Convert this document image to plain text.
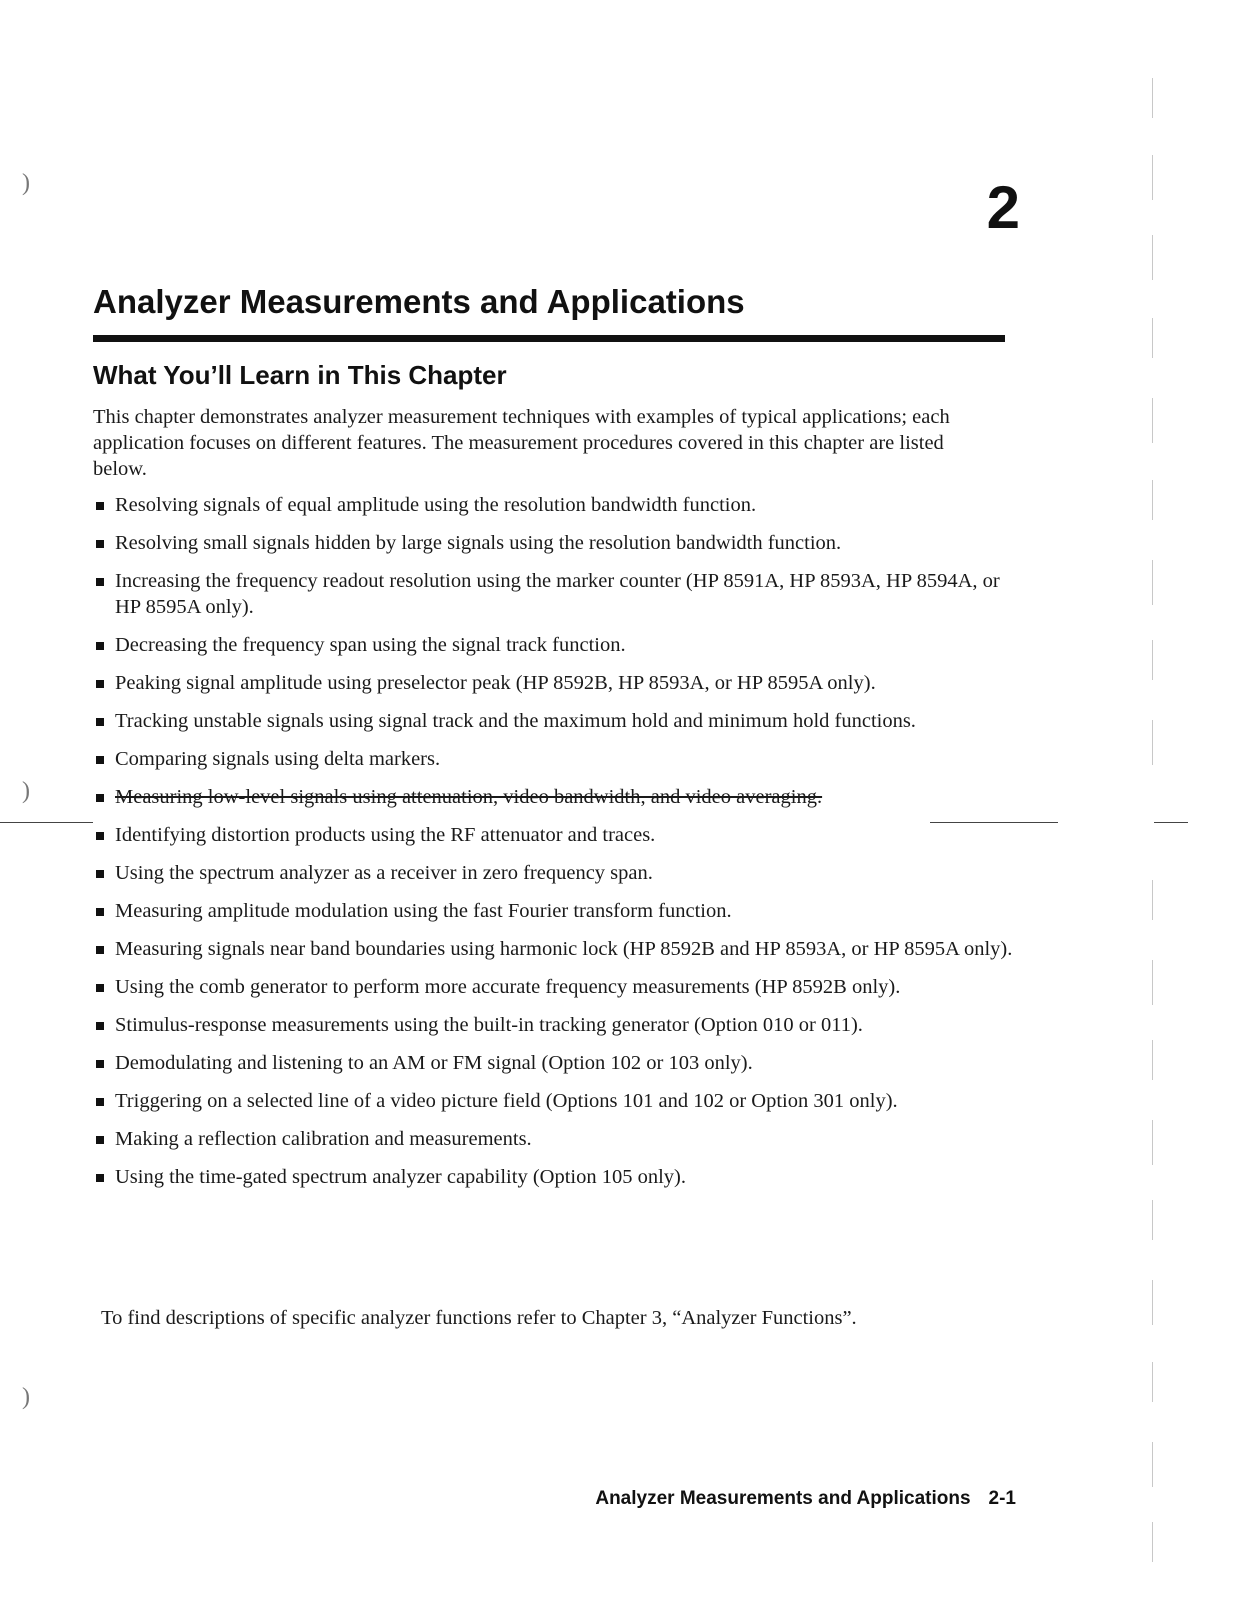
)
)
)
2
Analyzer Measurements and Applications
What You’ll Learn in This Chapter

This chapter demonstrates analyzer measurement techniques with examples of typical applications; each application focuses on different features. The measurement procedures covered in this chapter are listed below.

Resolving signals of equal amplitude using the resolution bandwidth function.
Resolving small signals hidden by large signals using the resolution bandwidth function.
Increasing the frequency readout resolution using the marker counter (HP 8591A, HP 8593A, HP 8594A, or HP 8595A only).
Decreasing the frequency span using the signal track function.
Peaking signal amplitude using preselector peak (HP 8592B, HP 8593A, or HP 8595A only).
Tracking unstable signals using signal track and the maximum hold and minimum hold functions.
Comparing signals using delta markers.
Measuring low-level signals using attenuation, video bandwidth, and video averaging.
Identifying distortion products using the RF attenuator and traces.
Using the spectrum analyzer as a receiver in zero frequency span.
Measuring amplitude modulation using the fast Fourier transform function.
Measuring signals near band boundaries using harmonic lock (HP 8592B and HP 8593A, or HP 8595A only).
Using the comb generator to perform more accurate frequency measurements (HP 8592B only).
Stimulus-response measurements using the built-in tracking generator (Option 010 or 011).
Demodulating and listening to an AM or FM signal (Option 102 or 103 only).
Triggering on a selected line of a video picture field (Options 101 and 102 or Option 301 only).
Making a reflection calibration and measurements.
Using the time-gated spectrum analyzer capability (Option 105 only).

To find descriptions of specific analyzer functions refer to Chapter 3, “Analyzer Functions”.

Analyzer Measurements and Applications 2-1
